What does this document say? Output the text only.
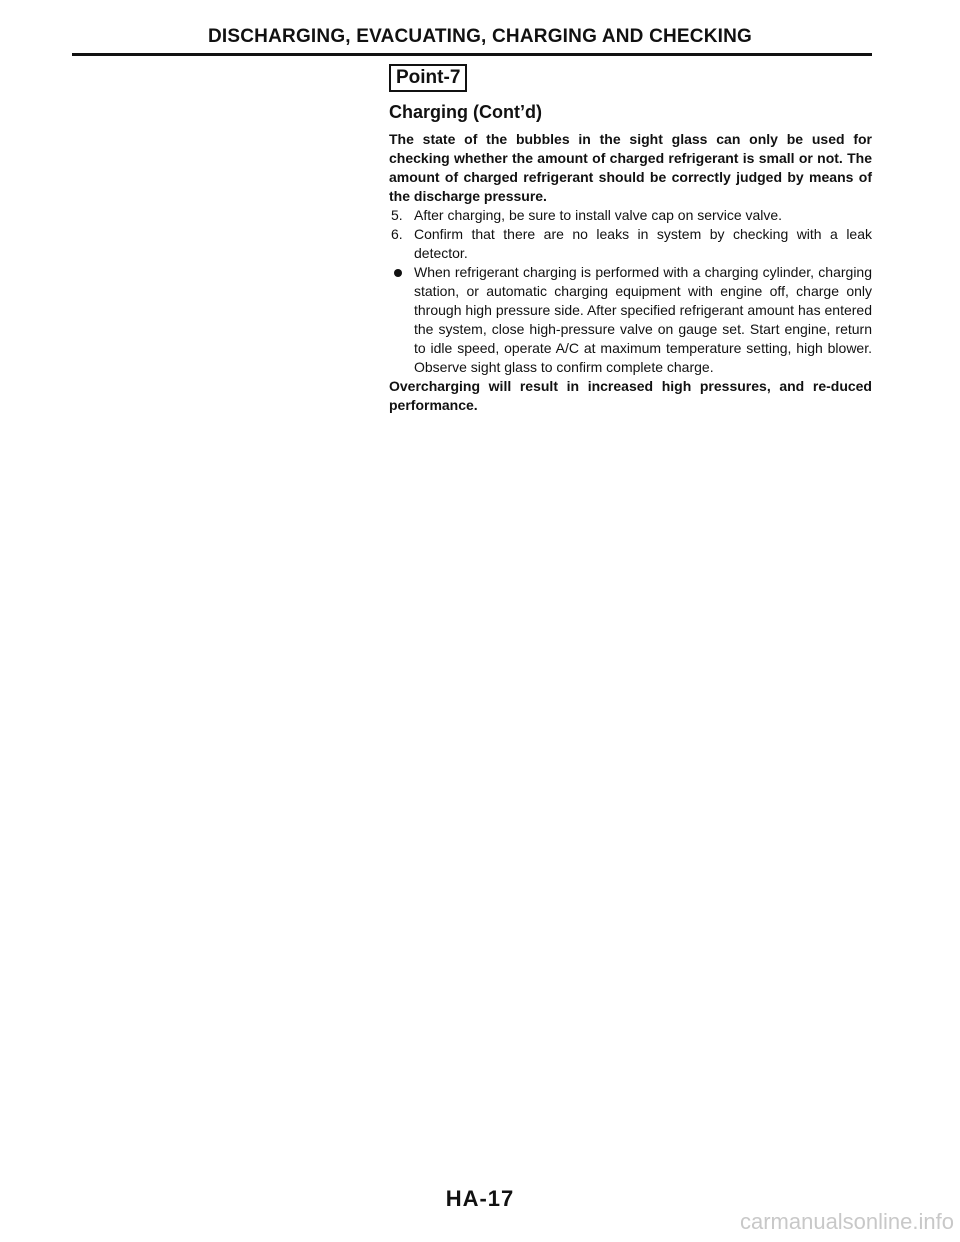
DISCHARGING, EVACUATING, CHARGING AND CHECKING
Point-7
Charging (Cont’d)
The state of the bubbles in the sight glass can only be used for checking whether the amount of charged refrigerant is small or not. The amount of charged refrigerant should be correctly judged by means of the discharge pressure.
5. After charging, be sure to install valve cap on service valve.
6. Confirm that there are no leaks in system by checking with a leak detector.
When refrigerant charging is performed with a charging cylinder, charging station, or automatic charging equipment with engine off, charge only through high pressure side. After specified refrigerant amount has entered the system, close high-pressure valve on gauge set. Start engine, return to idle speed, operate A/C at maximum temperature setting, high blower. Observe sight glass to confirm complete charge.
Overcharging will result in increased high pressures, and re-duced performance.
HA-17
carmanualsonline.info
